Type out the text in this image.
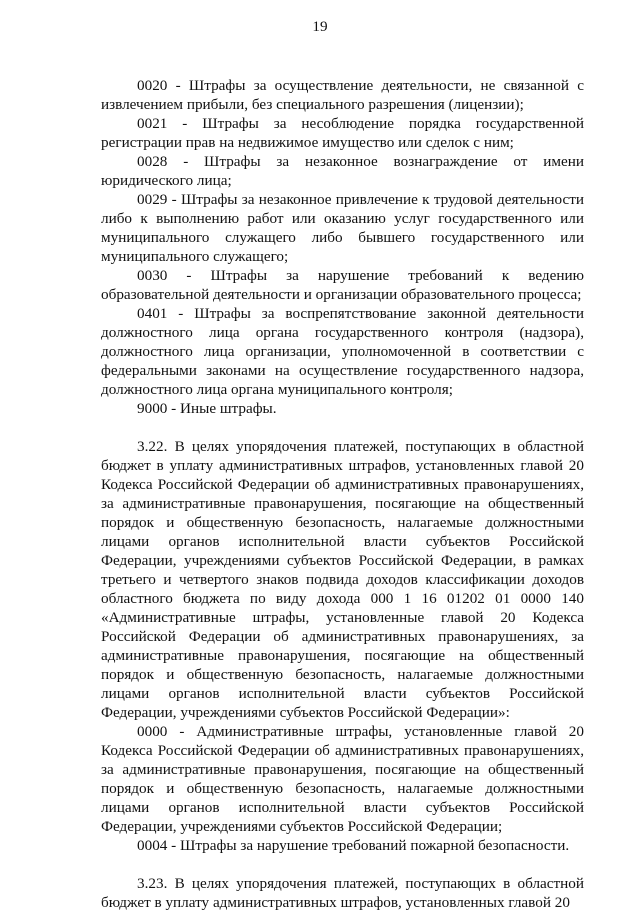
19

0020 - Штрафы за осуществление деятельности, не связанной с извлечением прибыли, без специального разрешения (лицензии);

0021 - Штрафы за несоблюдение порядка государственной регистрации прав на недвижимое имущество или сделок с ним;

0028 - Штрафы за незаконное вознаграждение от имени юридического лица;

0029 - Штрафы за незаконное привлечение к трудовой деятельности либо к выполнению работ или оказанию услуг государственного или муниципального служащего либо бывшего государственного или муниципального служащего;

0030 - Штрафы за нарушение требований к ведению образовательной деятельности и организации образовательного процесса;

0401 - Штрафы за воспрепятствование законной деятельности должностного лица органа государственного контроля (надзора), должностного лица организации, уполномоченной в соответствии с федеральными законами на осуществление государственного надзора, должностного лица органа муниципального контроля;

9000 - Иные штрафы.

3.22. В целях упорядочения платежей, поступающих в областной бюджет в уплату административных штрафов, установленных главой 20 Кодекса Российской Федерации об административных правонарушениях, за административные правонарушения, посягающие на общественный порядок и общественную безопасность, налагаемые должностными лицами органов исполнительной власти субъектов Российской Федерации, учреждениями субъектов Российской Федерации, в рамках третьего и четвертого знаков подвида доходов классификации доходов областного бюджета по виду дохода 000 1 16 01202 01 0000 140 «Административные штрафы, установленные главой 20 Кодекса Российской Федерации об административных правонарушениях, за административные правонарушения, посягающие на общественный порядок и общественную безопасность, налагаемые должностными лицами органов исполнительной власти субъектов Российской Федерации, учреждениями субъектов Российской Федерации»:

0000 - Административные штрафы, установленные главой 20 Кодекса Российской Федерации об административных правонарушениях, за административные правонарушения, посягающие на общественный порядок и общественную безопасность, налагаемые должностными лицами органов исполнительной власти субъектов Российской Федерации, учреждениями субъектов Российской Федерации;

0004 - Штрафы за нарушение требований пожарной безопасности.

3.23. В целях упорядочения платежей, поступающих в областной бюджет в уплату административных штрафов, установленных главой 20
